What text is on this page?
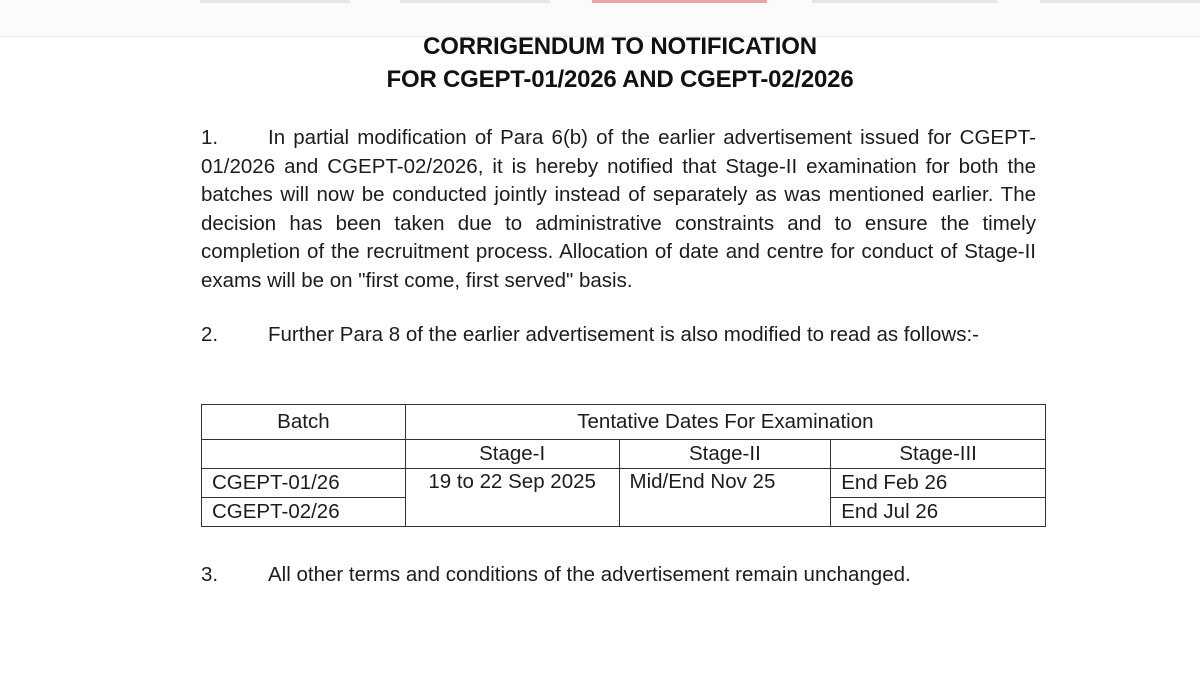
CORRIGENDUM TO NOTIFICATION
FOR CGEPT-01/2026 AND CGEPT-02/2026
1. In partial modification of Para 6(b) of the earlier advertisement issued for CGEPT-01/2026 and CGEPT-02/2026, it is hereby notified that Stage-II examination for both the batches will now be conducted jointly instead of separately as was mentioned earlier. The decision has been taken due to administrative constraints and to ensure the timely completion of the recruitment process. Allocation of date and centre for conduct of Stage-II exams will be on "first come, first served" basis.
2. Further Para 8 of the earlier advertisement is also modified to read as follows:-
Batch	Tentative Dates For Examination		
	Stage-I	Stage-II	Stage-III
CGEPT-01/26	19 to 22 Sep 2025	Mid/End Nov 25	End Feb 26
CGEPT-02/26			End Jul 26
3. All other terms and conditions of the advertisement remain unchanged.
